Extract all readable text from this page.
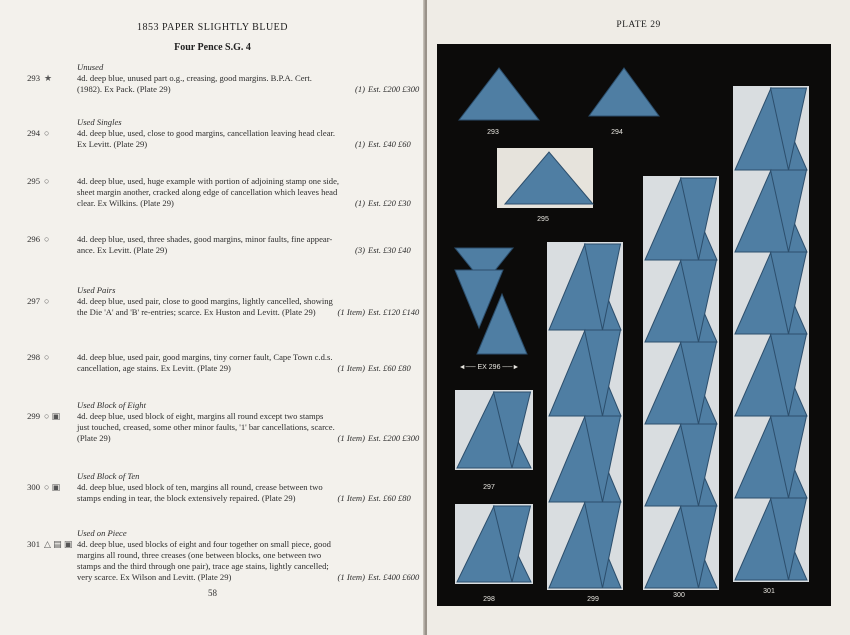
1853 PAPER SLIGHTLY BLUED
Four Pence S.G. 4
293 ★
Unused
4d. deep blue, unused part o.g., creasing, good margins. B.P.A. Cert.
(1982). Ex Pack. (Plate 29)	(1) Est. £200 £300
294 ○
Used Singles
4d. deep blue, used, close to good margins, cancellation leaving head clear.
Ex Levitt. (Plate 29)	(1) Est. £40 £60
295 ○	4d. deep blue, used, huge example with portion of adjoining stamp one side,
sheet margin another, cracked along edge of cancellation which leaves head
clear. Ex Wilkins. (Plate 29)	(1) Est. £20 £30
296 ○	4d. deep blue, used, three shades, good margins, minor faults, fine appear-
ance. Ex Levitt. (Plate 29)	(3) Est. £30 £40
297 ○
Used Pairs
4d. deep blue, used pair, close to good margins, lightly cancelled, showing
the Die 'A' and 'B' re-entries; scarce. Ex Huston and Levitt. (Plate 29)	(1 Item) Est. £120 £140
298 ○	4d. deep blue, used pair, good margins, tiny corner fault, Cape Town c.d.s.
cancellation, age stains. Ex Levitt. (Plate 29)	(1 Item) Est. £60 £80
299 ○ ▣
Used Block of Eight
4d. deep blue, used block of eight, margins all round except two stamps
just touched, creased, some other minor faults, '1' bar cancellations, scarce.
(Plate 29)	(1 Item) Est. £200 £300
300 ○ ▣
Used Block of Ten
4d. deep blue, used block of ten, margins all round, crease between two
stamps ending in tear, the block extensively repaired. (Plate 29)	(1 Item) Est. £60 £80
301 △ ▤ ▣
Used on Piece
4d. deep blue, used blocks of eight and four together on small piece, good
margins all round, three creases (one between blocks, one between two
stamps and the third through one pair), trace age stains, lightly cancelled;
very scarce. Ex Wilson and Levitt. (Plate 29)	(1 Item) Est. £400 £600
58
PLATE 29
293	294
295
◄── EX 296 ──►
297
298	299
300
301
